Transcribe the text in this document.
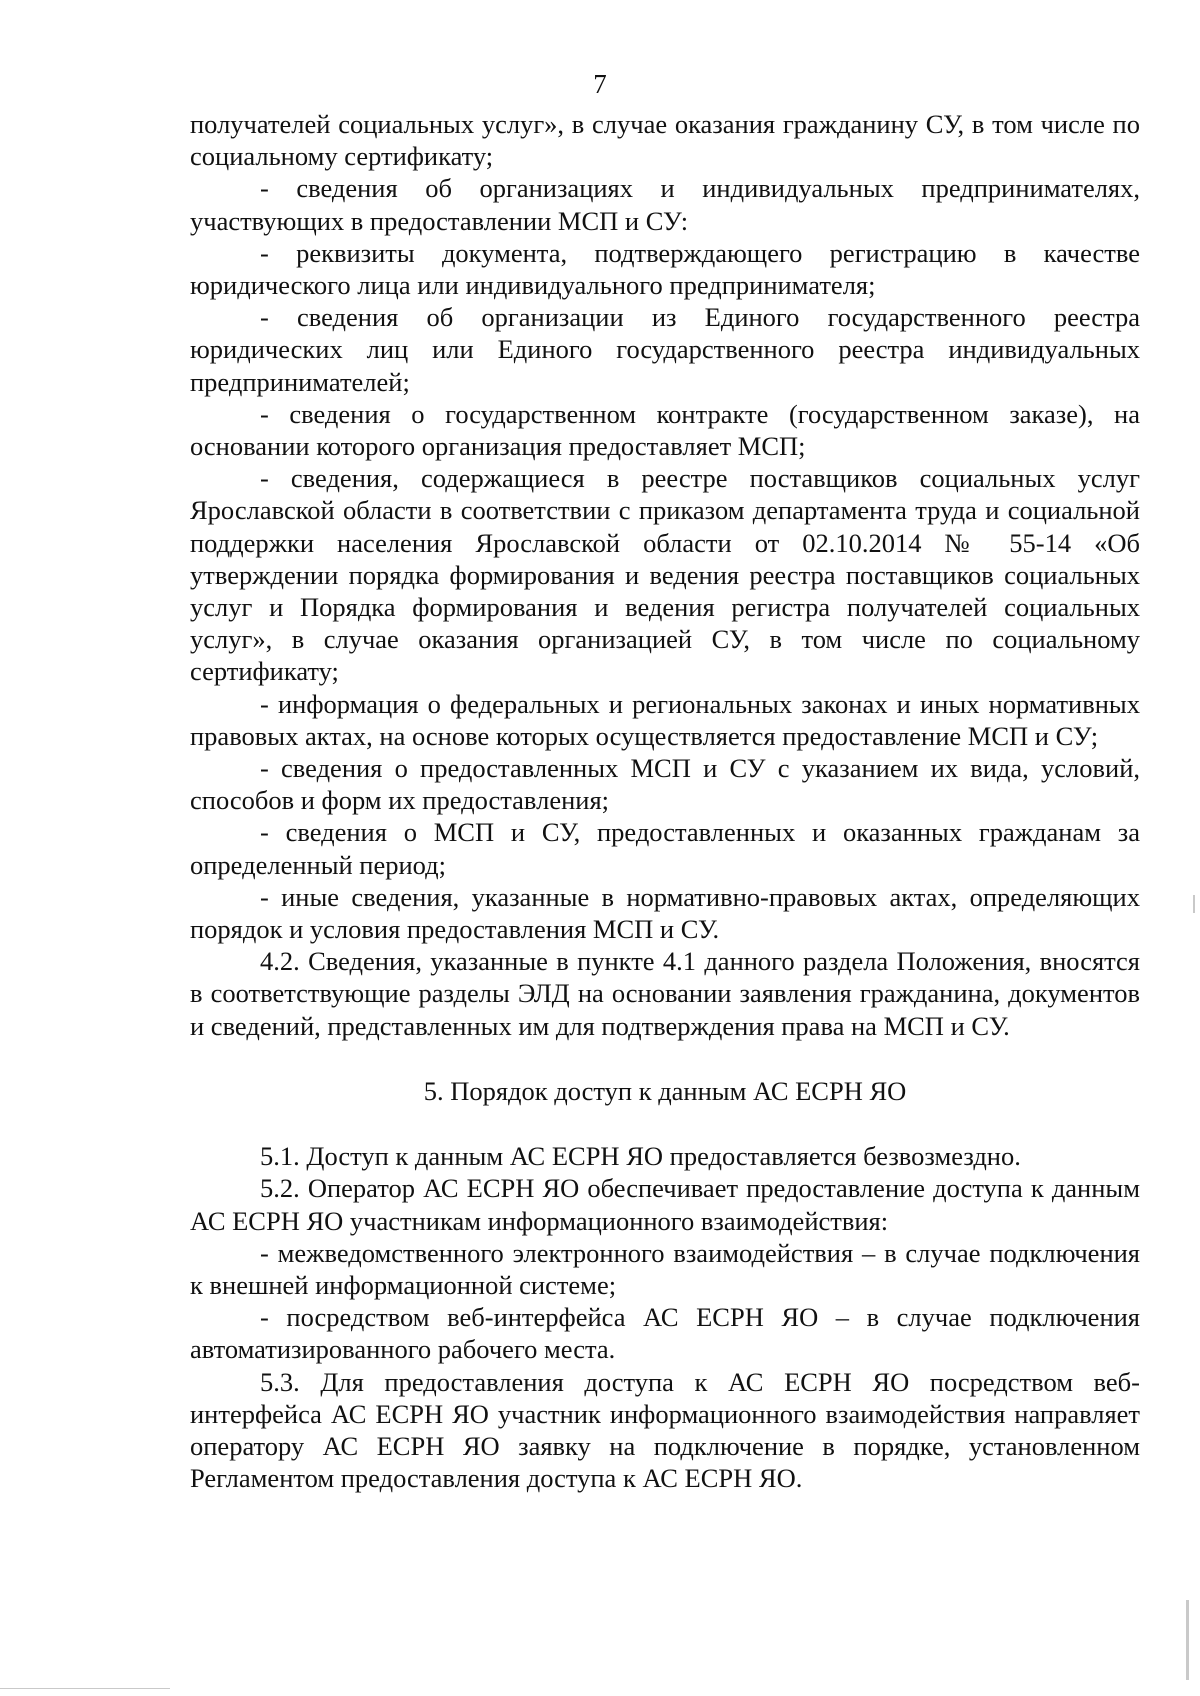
7

получателей социальных услуг», в случае оказания гражданину СУ, в том числе по социальному сертификату;

- сведения об организациях и индивидуальных предпринимателях, участвующих в предоставлении МСП и СУ:

- реквизиты документа, подтверждающего регистрацию в качестве юридического лица или индивидуального предпринимателя;

- сведения об организации из Единого государственного реестра юридических лиц или Единого государственного реестра индивидуальных предпринимателей;

- сведения о государственном контракте (государственном заказе), на основании которого организация предоставляет МСП;

- сведения, содержащиеся в реестре поставщиков социальных услуг Ярославской области в соответствии с приказом департамента труда и социальной поддержки населения Ярославской области от 02.10.2014 № 55-14 «Об утверждении порядка формирования и ведения реестра поставщиков социальных услуг и Порядка формирования и ведения регистра получателей социальных услуг», в случае оказания организацией СУ, в том числе по социальному сертификату;

- информация о федеральных и региональных законах и иных нормативных правовых актах, на основе которых осуществляется предоставление МСП и СУ;

- сведения о предоставленных МСП и СУ с указанием их вида, условий, способов и форм их предоставления;

- сведения о МСП и СУ, предоставленных и оказанных гражданам за определенный период;

- иные сведения, указанные в нормативно-правовых актах, определяющих порядок и условия предоставления МСП и СУ.

4.2. Сведения, указанные в пункте 4.1 данного раздела Положения, вносятся в соответствующие разделы ЭЛД на основании заявления гражданина, документов и сведений, представленных им для подтверждения права на МСП и СУ.

5. Порядок доступ к данным АС ЕСРН ЯО

5.1. Доступ к данным АС ЕСРН ЯО предоставляется безвозмездно.

5.2. Оператор АС ЕСРН ЯО обеспечивает предоставление доступа к данным АС ЕСРН ЯО участникам информационного взаимодействия:

- межведомственного электронного взаимодействия – в случае подключения к внешней информационной системе;

- посредством веб-интерфейса АС ЕСРН ЯО – в случае подключения автоматизированного рабочего места.

5.3. Для предоставления доступа к АС ЕСРН ЯО посредством веб-интерфейса АС ЕСРН ЯО участник информационного взаимодействия направляет оператору АС ЕСРН ЯО заявку на подключение в порядке, установленном Регламентом предоставления доступа к АС ЕСРН ЯО.
